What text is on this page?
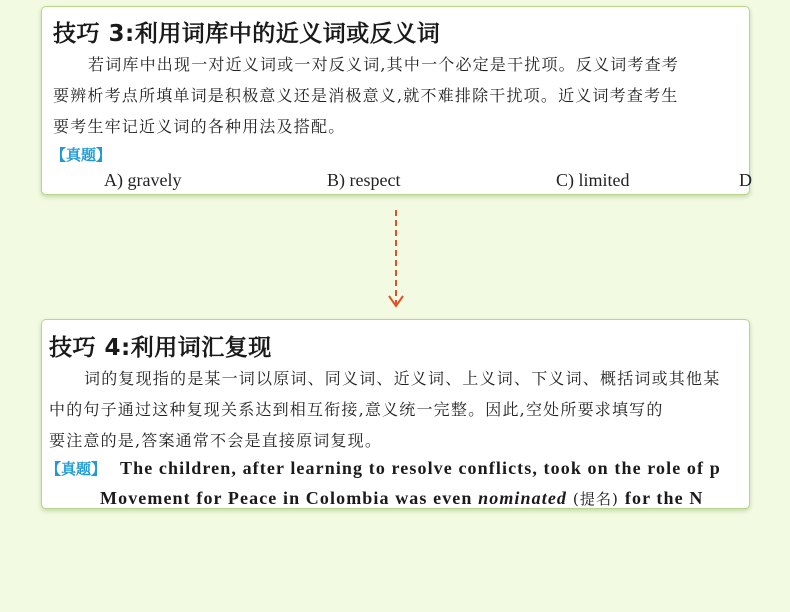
技巧 3:利用词库中的近义词或反义词
若词库中出现一对近义词或一对反义词,其中一个必定是干扰项。反义词考查考
要辨析考点所填单词是积极意义还是消极意义,就不难排除干扰项。近义词考查考生
要考生牢记近义词的各种用法及搭配。
【真题】
A) gravely	B) respect	C) limited	D
技巧 4:利用词汇复现
词的复现指的是某一词以原词、同义词、近义词、上义词、下义词、概括词或其他某
中的句子通过这种复现关系达到相互衔接,意义统一完整。因此,空处所要求填写的
要注意的是,答案通常不会是直接原词复现。
【真题】 The children, after learning to resolve conflicts, took on the role of p
Movement for Peace in Colombia was even nominated (提名) for the N
